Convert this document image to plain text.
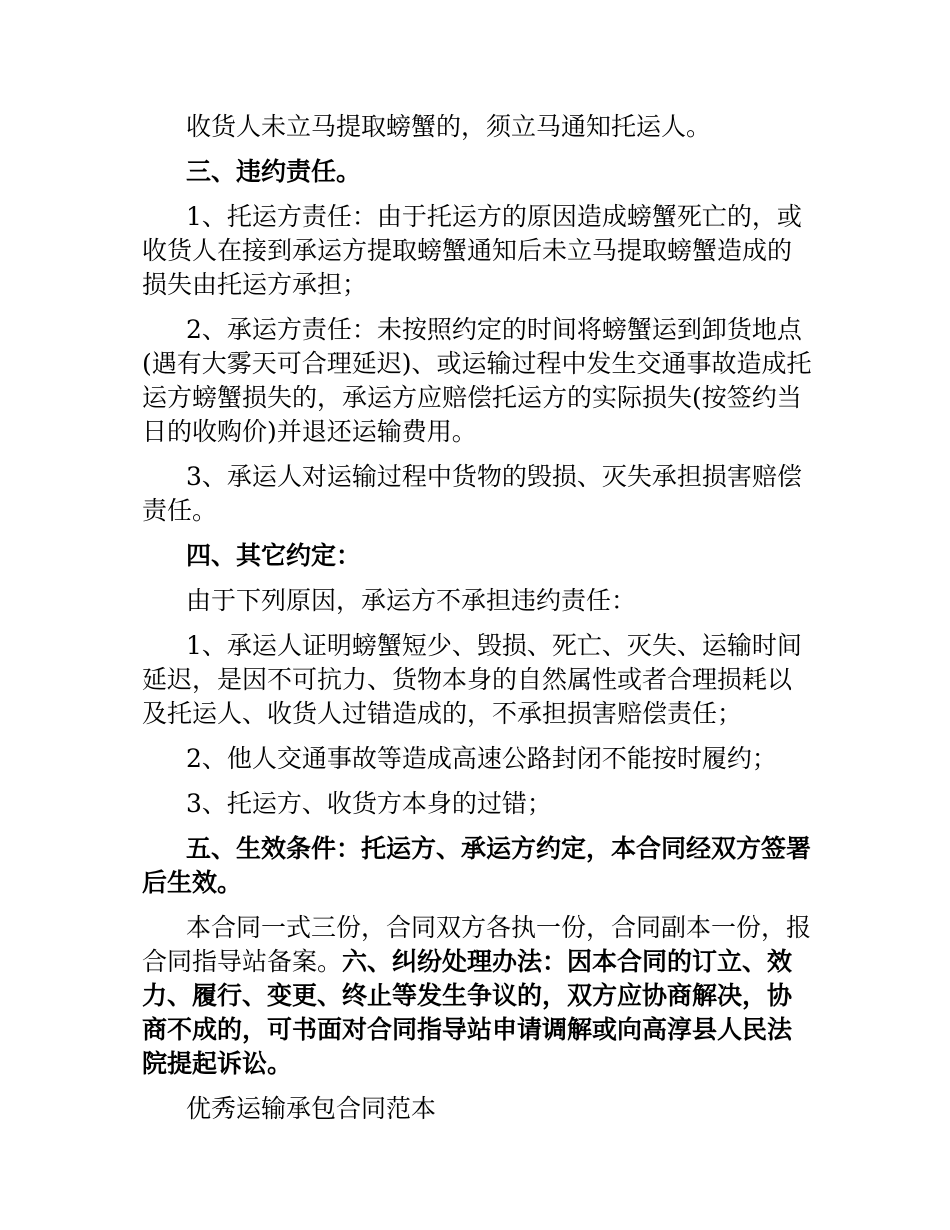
收货人未立马提取螃蟹的，须立马通知托运人。

三、违约责任。

1、托运方责任：由于托运方的原因造成螃蟹死亡的，或收货人在接到承运方提取螃蟹通知后未立马提取螃蟹造成的损失由托运方承担；

2、承运方责任：未按照约定的时间将螃蟹运到卸货地点(遇有大雾天可合理延迟)、或运输过程中发生交通事故造成托运方螃蟹损失的，承运方应赔偿托运方的实际损失(按签约当日的收购价)并退还运输费用。

3、承运人对运输过程中货物的毁损、灭失承担损害赔偿责任。

四、其它约定：

由于下列原因，承运方不承担违约责任：

1、承运人证明螃蟹短少、毁损、死亡、灭失、运输时间延迟，是因不可抗力、货物本身的自然属性或者合理损耗以及托运人、收货人过错造成的，不承担损害赔偿责任；

2、他人交通事故等造成高速公路封闭不能按时履约；

3、托运方、收货方本身的过错；

五、生效条件：托运方、承运方约定，本合同经双方签署后生效。

本合同一式三份，合同双方各执一份，合同副本一份，报合同指导站备案。六、纠纷处理办法：因本合同的订立、效力、履行、变更、终止等发生争议的，双方应协商解决，协商不成的，可书面对合同指导站申请调解或向高淳县人民法院提起诉讼。

优秀运输承包合同范本
